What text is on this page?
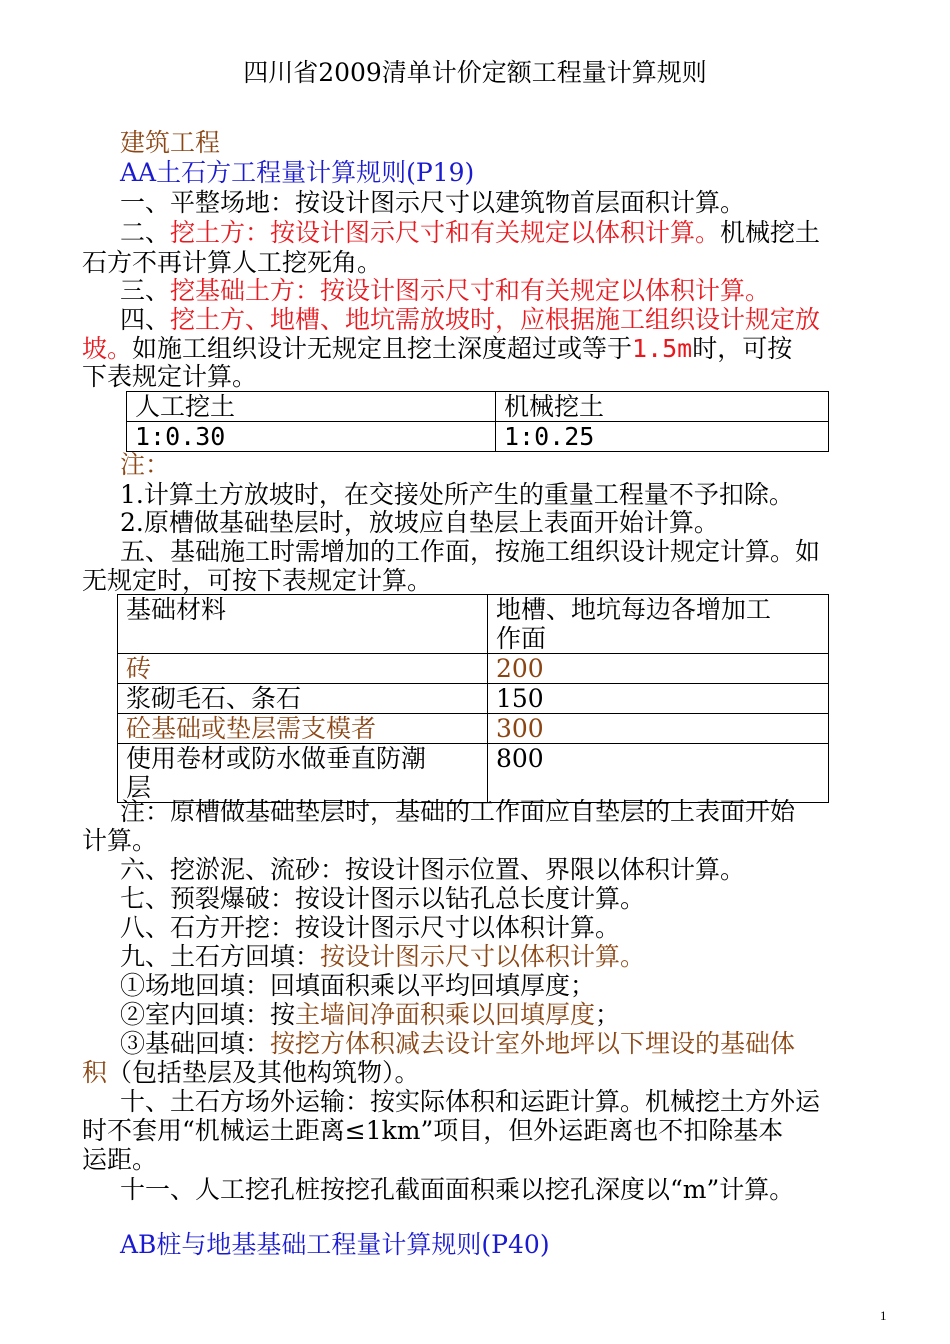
四川省2009清单计价定额工程量计算规则
建筑工程
AA土石方工程量计算规则(P19)
一、平整场地：按设计图示尺寸以建筑物首层面积计算。
二、挖土方：按设计图示尺寸和有关规定以体积计算。机械挖土
石方不再计算人工挖死角。
三、挖基础土方：按设计图示尺寸和有关规定以体积计算。
四、挖土方、地槽、地坑需放坡时，应根据施工组织设计规定放
坡。如施工组织设计无规定且挖土深度超过或等于1.5m时，可按
下表规定计算。
人工挖土	机械挖土
1:0.30	1:0.25
注：
1.计算土方放坡时，在交接处所产生的重量工程量不予扣除。
2.原槽做基础垫层时，放坡应自垫层上表面开始计算。
五、基础施工时需增加的工作面，按施工组织设计规定计算。如
无规定时，可按下表规定计算。
基础材料	地槽、地坑每边各增加工
作面

砖	200
浆砌毛石、条石	150
砼基础或垫层需支模者	300

使用卷材或防水做垂直防潮
层	800
注：原槽做基础垫层时，基础的工作面应自垫层的上表面开始
计算。
六、挖淤泥、流砂：按设计图示位置、界限以体积计算。
七、预裂爆破：按设计图示以钻孔总长度计算。
八、石方开挖：按设计图示尺寸以体积计算。
九、土石方回填：按设计图示尺寸以体积计算。
①场地回填：回填面积乘以平均回填厚度；
②室内回填：按主墙间净面积乘以回填厚度；
③基础回填：按挖方体积减去设计室外地坪以下埋设的基础体
积（包括垫层及其他构筑物）。
十、土石方场外运输：按实际体积和运距计算。机械挖土方外运
时不套用“机械运土距离≤1km”项目，但外运距离也不扣除基本
运距。
十一、人工挖孔桩按挖孔截面面积乘以挖孔深度以“m”计算。
AB桩与地基基础工程量计算规则(P40)
1
